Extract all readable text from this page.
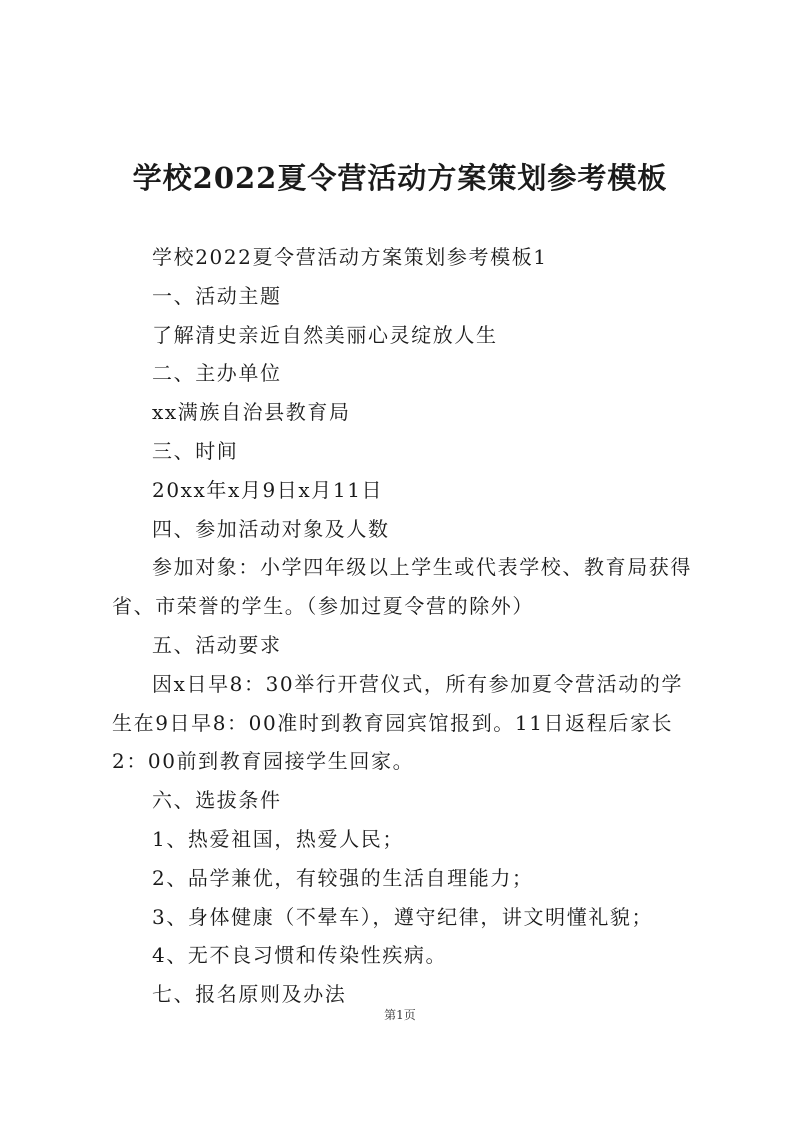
学校2022夏令营活动方案策划参考模板

学校2022夏令营活动方案策划参考模板1

一、活动主题

了解清史亲近自然美丽心灵绽放人生

二、主办单位

xx满族自治县教育局

三、时间

20xx年x月9日x月11日

四、参加活动对象及人数

参加对象：小学四年级以上学生或代表学校、教育局获得省、市荣誉的学生。（参加过夏令营的除外）

五、活动要求

因x日早8：30举行开营仪式，所有参加夏令营活动的学生在9日早8：00准时到教育园宾馆报到。11日返程后家长2：00前到教育园接学生回家。

六、选拔条件

1、热爱祖国，热爱人民；

2、品学兼优，有较强的生活自理能力；

3、身体健康（不晕车），遵守纪律，讲文明懂礼貌；

4、无不良习惯和传染性疾病。

七、报名原则及办法

第1页
